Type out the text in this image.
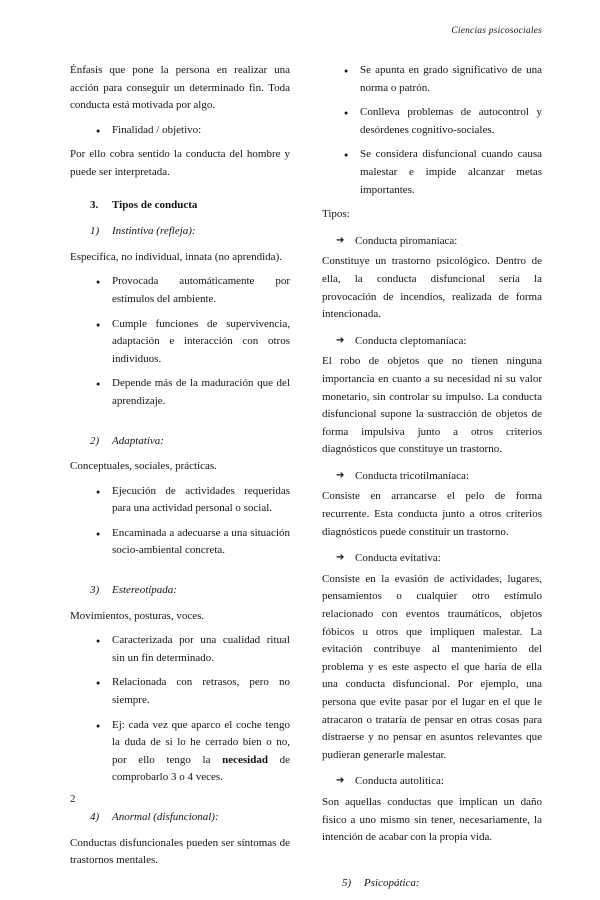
Ciencias psicosociales

Énfasis que pone la persona en realizar una acción para conseguir un determinado fin. Toda conducta está motivada por algo.

●	Finalidad / objetivo:

Por ello cobra sentido la conducta del hombre y puede ser interpretada.

3.	Tipos de conducta
1)	Instintiva (refleja):

Específica, no individual, innata (no aprendida).

●	Provocada automáticamente por estímulos del ambiente.
●	Cumple funciones de supervivencia, adaptación e interacción con otros individuos.
●	Depende más de la maduración que del aprendizaje.
2)	Adaptativa:

Conceptuales, sociales, prácticas.

●	Ejecución de actividades requeridas para una actividad personal o social.
●	Encaminada a adecuarse a una situación socio-ambiental concreta.
3)	Estereotipada:

Movimientos, posturas, voces.

●	Caracterizada por una cualidad ritual sin un fin determinado.
●	Relacionada con retrasos, pero no siempre.
●	Ej: cada vez que aparco el coche tengo la duda de si lo he cerrado bien o no, por ello tengo la necesidad de comprobarlo 3 o 4 veces.
4)	Anormal (disfuncional):

Conductas disfuncionales pueden ser síntomas de trastornos mentales.

●	Se apunta en grado significativo de una norma o patrón.
●	Conlleva problemas de autocontrol y desórdenes cognitivo-sociales.
●	Se considera disfuncional cuando causa malestar e impide alcanzar metas importantes.

Tipos:

➔ Conducta piromaníaca:

Constituye un trastorno psicológico. Dentro de ella, la conducta disfuncional sería la provocación de incendios, realizada de forma intencionada.

➔ Conducta cleptomaníaca:

El robo de objetos que no tienen ninguna importancia en cuanto a su necesidad ni su valor monetario, sin controlar su impulso. La conducta disfuncional supone la sustracción de objetos de forma impulsiva junto a otros criterios diagnósticos que constituye un trastorno.

➔ Conducta tricotilmaníaca:

Consiste en arrancarse el pelo de forma recurrente. Esta conducta junto a otros criterios diagnósticos puede constituir un trastorno.

➔ Conducta evitativa:

Consiste en la evasión de actividades, lugares, pensamientos o cualquier otro estímulo relacionado con eventos traumáticos, objetos fóbicos u otros que impliquen malestar. La evitación contribuye al mantenimiento del problema y es este aspecto el que haría de ella una conducta disfuncional. Por ejemplo, una persona que evite pasar por el lugar en el que le atracaron o trataría de pensar en otras cosas para distraerse y no pensar en asuntos relevantes que pudieran generarle malestar.

➔ Conducta autolítica:

Son aquellas conductas que implican un daño físico a uno mismo sin tener, necesariamente, la intención de acabar con la propia vida.

5)	Psicopática:
2
